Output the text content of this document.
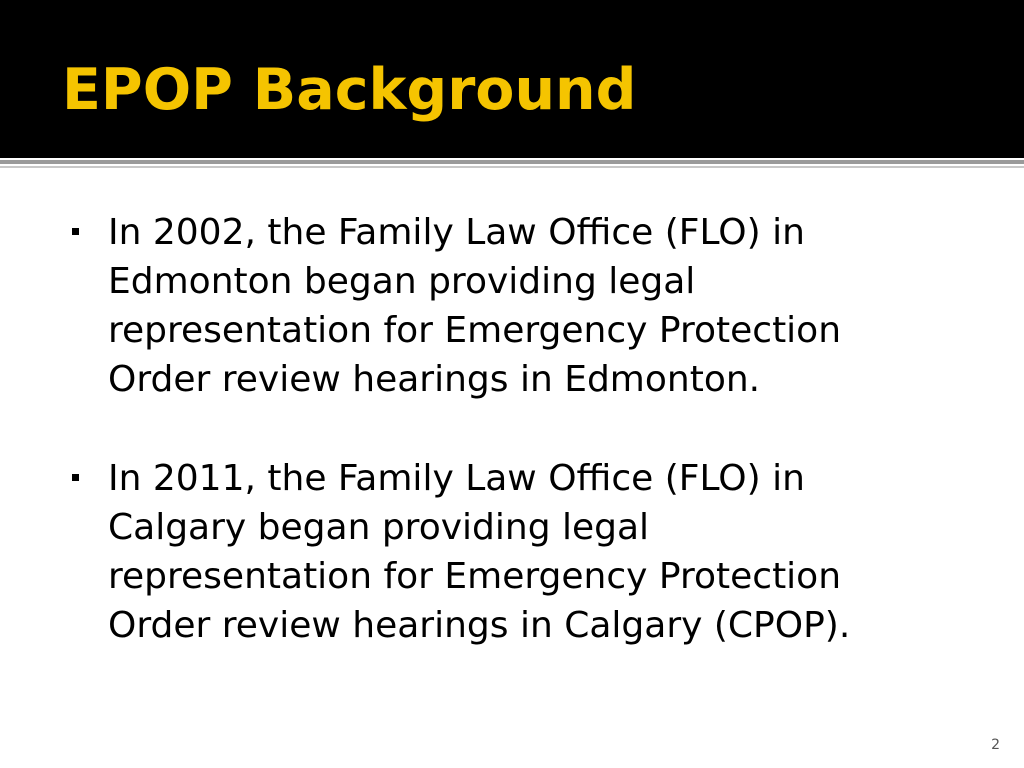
EPOP Background
In 2002, the Family Law Office (FLO) in
Edmonton began providing legal
representation for Emergency Protection
Order review hearings in Edmonton.
In 2011, the Family Law Office (FLO) in
Calgary began providing legal
representation for Emergency Protection
Order review hearings in Calgary (CPOP).
2
